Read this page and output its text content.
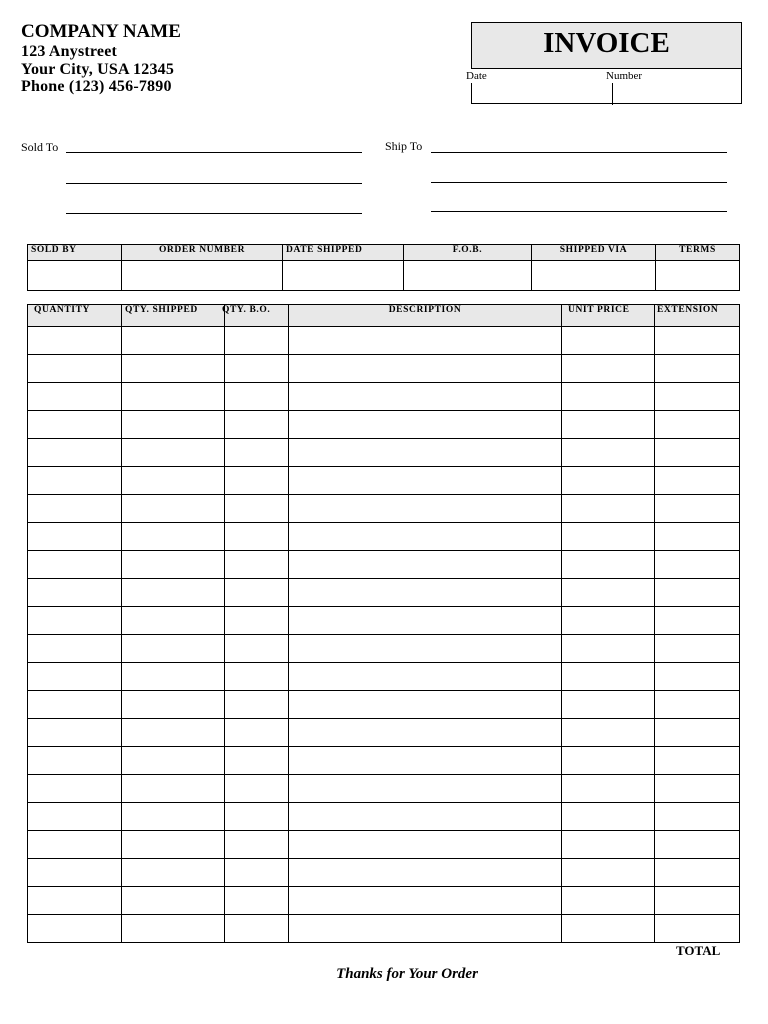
COMPANY NAME
123 Anystreet
Your City, USA 12345
Phone (123) 456-7890
INVOICE
Date	Number
Sold To	Ship To
SOLD BY	ORDER NUMBER	DATE SHIPPED	F.O.B.	SHIPPED VIA	TERMS

QUANTITY	QTY. SHIPPED	QTY. B.O.	DESCRIPTION	UNIT PRICE	EXTENSION

TOTAL
Thanks for Your Order
